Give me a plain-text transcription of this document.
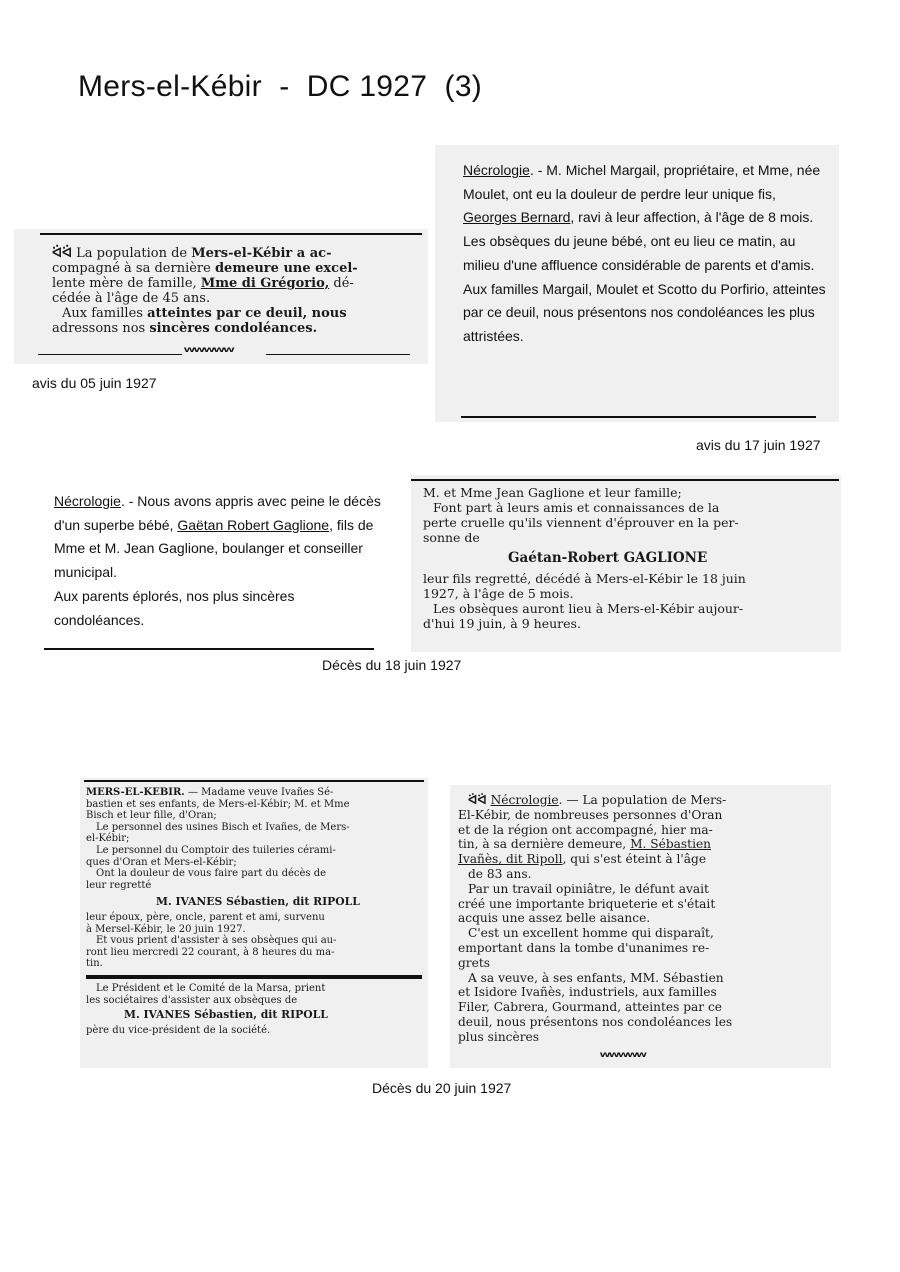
Mers-el-Kébir  -  DC 1927  (3)

ᐛᐛ La population de Mers-el-Kébir a ac-

compagné à sa dernière demeure une excel-

lente mère de famille, Mme di Grégorio, dé-

cédée à l'âge de 45 ans.

Aux familles atteintes par ce deuil, nous

adressons nos sincères condoléances.

wwwww
avis du 05 juin 1927

Nécrologie. - M. Michel Margail, propriétaire, et Mme, née Moulet, ont eu la douleur de perdre leur unique fis, Georges Bernard, ravi à leur affection, à l'âge de 8 mois.

Les obsèques du jeune bébé, ont eu lieu ce matin, au milieu d'une affluence considérable de parents et d'amis.

Aux familles Margail, Moulet et Scotto du Porfirio, atteintes par ce deuil, nous présentons nos condoléances les plus attristées.

avis du 17 juin 1927

Nécrologie. - Nous avons appris avec peine le décès d'un superbe bébé, Gaëtan Robert Gaglione, fils de Mme et M. Jean Gaglione, boulanger et conseiller municipal.

Aux parents éplorés, nos plus sincères condoléances.

M. et Mme Jean Gaglione et leur famille;

Font part à leurs amis et connaissances de la

perte cruelle qu'ils viennent d'éprouver en la per-

sonne de

Gaétan-Robert GAGLIONE

leur fils regretté, décédé à Mers-el-Kébir le 18 juin

1927, à l'âge de 5 mois.

Les obsèques auront lieu à Mers-el-Kébir aujour-

d'hui 19 juin, à 9 heures.

Décès du 18 juin 1927

MERS-EL-KEBIR. — Madame veuve Ivañes Sé-

bastien et ses enfants, de Mers-el-Kébir; M. et Mme

Bisch et leur fille, d'Oran;

Le personnel des usines Bisch et Ivañes, de Mers-

el-Kébir;

Le personnel du Comptoir des tuileries cérami-

ques d'Oran et Mers-el-Kébir;

Ont la douleur de vous faire part du décès de

leur regretté

M. IVANES Sébastien, dit RIPOLL

leur époux, père, oncle, parent et ami, survenu

à Mersel-Kébir, le 20 juin 1927.

Et vous prient d'assister à ses obsèques qui au-

ront lieu mercredi 22 courant, à 8 heures du ma-

tin.

Le Président et le Comité de la Marsa, prient

les sociétaires d'assister aux obsèques de

M. IVANES Sébastien, dit RIPOLL

père du vice-président de la société.

ᐛᐛ Nécrologie. — La population de Mers-

El-Kébir, de nombreuses personnes d'Oran

et de la région ont accompagné, hier ma-

tin, à sa dernière demeure, M. Sébastien

Ivañès, dit Ripoll, qui s'est éteint à l'âge

de 83 ans.

Par un travail opiniâtre, le défunt avait

créé une importante briqueterie et s'était

acquis une assez belle aisance.

C'est un excellent homme qui disparaît,

emportant dans la tombe d'unanimes re-

grets

A sa veuve, à ses enfants, MM. Sébastien

et Isidore Ivañès, industriels, aux familles

Filer, Cabrera, Gourmand, atteintes par ce

deuil, nous présentons nos condoléances les

plus sincères

wwwww
Décès du 20 juin 1927
